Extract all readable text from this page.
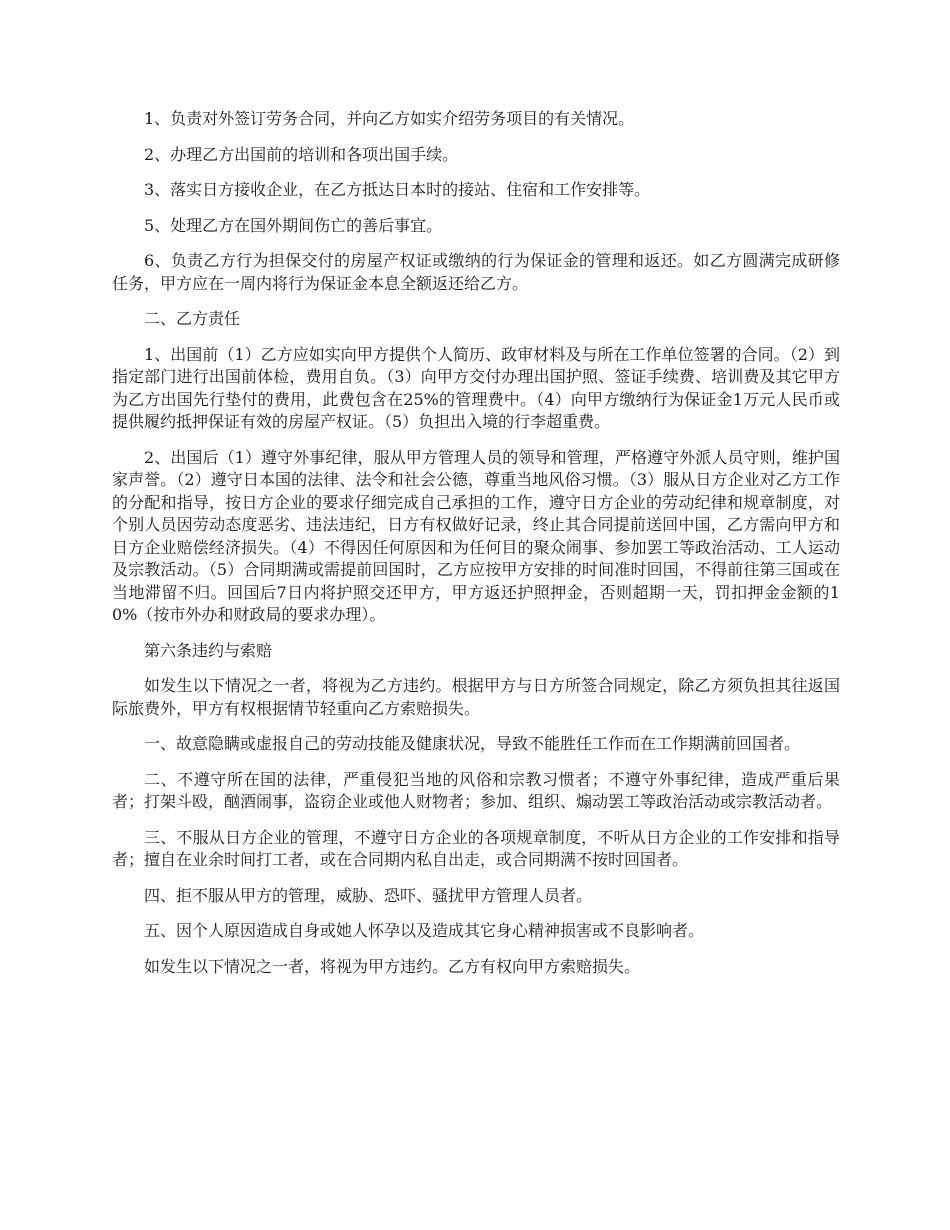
1、负责对外签订劳务合同，并向乙方如实介绍劳务项目的有关情况。

2、办理乙方出国前的培训和各项出国手续。

3、落实日方接收企业，在乙方抵达日本时的接站、住宿和工作安排等。

5、处理乙方在国外期间伤亡的善后事宜。

6、负责乙方行为担保交付的房屋产权证或缴纳的行为保证金的管理和返还。如乙方圆满完成研修任务，甲方应在一周内将行为保证金本息全额返还给乙方。

二、乙方责任

1、出国前（1）乙方应如实向甲方提供个人简历、政审材料及与所在工作单位签署的合同。（2）到指定部门进行出国前体检，费用自负。（3）向甲方交付办理出国护照、签证手续费、培训费及其它甲方为乙方出国先行垫付的费用，此费包含在25%的管理费中。（4）向甲方缴纳行为保证金1万元人民币或提供履约抵押保证有效的房屋产权证。（5）负担出入境的行李超重费。

2、出国后（1）遵守外事纪律，服从甲方管理人员的领导和管理，严格遵守外派人员守则，维护国家声誉。（2）遵守日本国的法律、法令和社会公德，尊重当地风俗习惯。（3）服从日方企业对乙方工作的分配和指导，按日方企业的要求仔细完成自己承担的工作，遵守日方企业的劳动纪律和规章制度，对个别人员因劳动态度恶劣、违法违纪，日方有权做好记录，终止其合同提前送回中国，乙方需向甲方和日方企业赔偿经济损失。（4）不得因任何原因和为任何目的聚众闹事、参加罢工等政治活动、工人运动及宗教活动。（5）合同期满或需提前回国时，乙方应按甲方安排的时间准时回国，不得前往第三国或在当地滞留不归。回国后7日内将护照交还甲方，甲方返还护照押金，否则超期一天，罚扣押金金额的10%（按市外办和财政局的要求办理）。

第六条违约与索赔

如发生以下情况之一者，将视为乙方违约。根据甲方与日方所签合同规定，除乙方须负担其往返国际旅费外，甲方有权根据情节轻重向乙方索赔损失。

一、故意隐瞒或虚报自己的劳动技能及健康状况，导致不能胜任工作而在工作期满前回国者。

二、不遵守所在国的法律，严重侵犯当地的风俗和宗教习惯者；不遵守外事纪律，造成严重后果者；打架斗殴，酗酒闹事，盗窃企业或他人财物者；参加、组织、煽动罢工等政治活动或宗教活动者。

三、不服从日方企业的管理，不遵守日方企业的各项规章制度，不听从日方企业的工作安排和指导者；擅自在业余时间打工者，或在合同期内私自出走，或合同期满不按时回国者。

四、拒不服从甲方的管理，威胁、恐吓、骚扰甲方管理人员者。

五、因个人原因造成自身或她人怀孕以及造成其它身心精神损害或不良影响者。

如发生以下情况之一者，将视为甲方违约。乙方有权向甲方索赔损失。
